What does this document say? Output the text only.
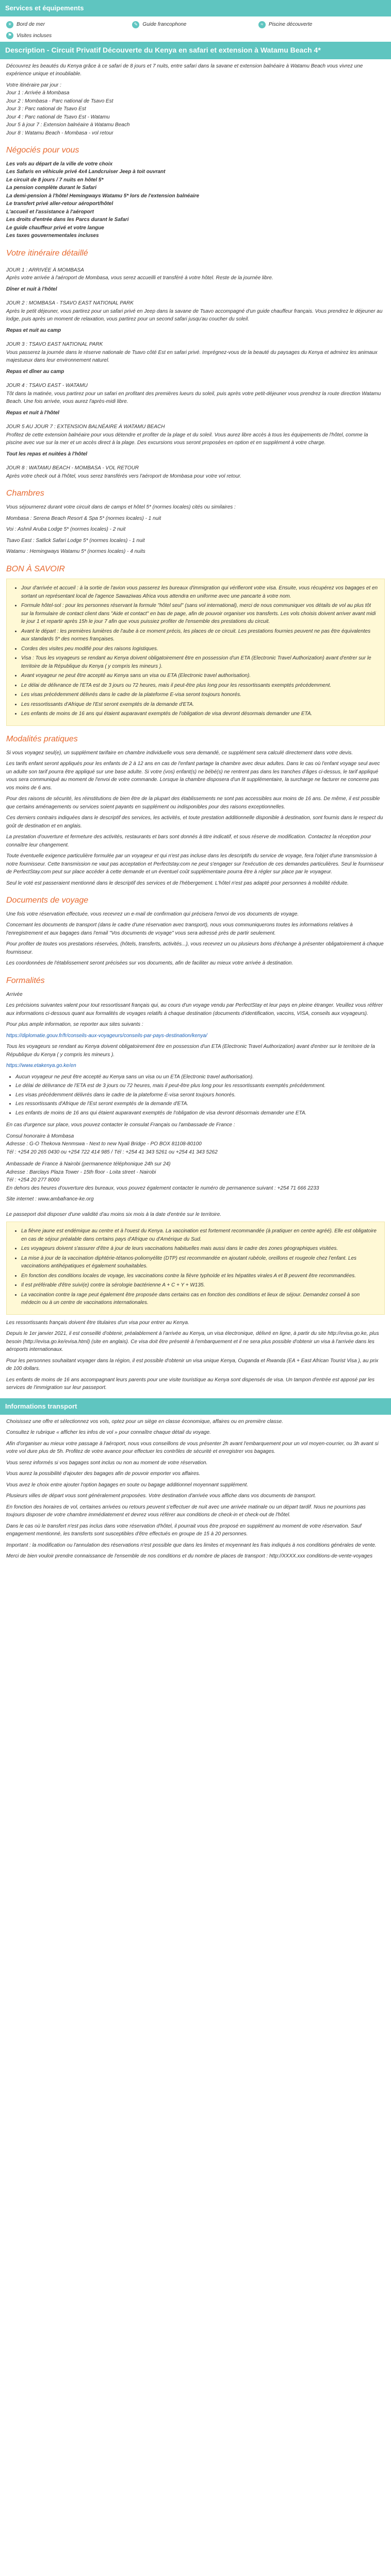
Services et équipements
☀ Bord de mer	✎ Guide francophone	≈	Piscine découverte
⚑ Visites incluses
Description - Circuit Privatif Découverte du Kenya en safari et extension à Watamu Beach 4*

Découvrez les beautés du Kenya grâce à ce safari de 8 jours et 7 nuits, entre safari dans la savane et extension balnéaire à Watamu Beach vous vivrez une expérience unique et inoubliable.

Votre itinéraire par jour :
Jour 1 : Arrivée à Mombasa
Jour 2 : Mombasa - Parc national de Tsavo Est
Jour 3 : Parc national de Tsavo Est
Jour 4 : Parc national de Tsavo Est - Watamu
Jour 5 à jour 7 : Extension balnéaire à Watamu Beach
Jour 8 : Watamu Beach - Mombasa - vol retour
Négociés pour vous
Les vols au départ de la ville de votre choix
Les Safaris en véhicule privé 4x4 Landcruiser Jeep à toit ouvrant
Le circuit de 8 jours / 7 nuits en hôtel 5*
La pension complète durant le Safari
La demi-pension à l'hôtel Hemingways Watamu 5* lors de l'extension balnéaire
Le transfert privé aller-retour aéroport/hôtel
L'accueil et l'assistance à l'aéroport
Les droits d'entrée dans les Parcs durant le Safari
Le guide chauffeur privé et votre langue
Les taxes gouvernementales incluses
Votre itinéraire détaillé
JOUR 1 : ARRIVÉE À MOMBASA

Après votre arrivée à l'aéroport de Mombasa, vous serez accueilli et transféré à votre hôtel. Reste de la journée libre.

Dîner et nuit à l'hôtel

JOUR 2 : MOMBASA - TSAVO EAST NATIONAL PARK

Après le petit déjeuner, vous partirez pour un safari privé en Jeep dans la savane de Tsavo accompagné d'un guide chauffeur français. Vous prendrez le déjeuner au lodge, puis après un moment de relaxation, vous partirez pour un second safari jusqu'au coucher du soleil.

Repas et nuit au camp

JOUR 3 : TSAVO EAST NATIONAL PARK

Vous passerez la journée dans le réserve nationale de Tsavo côté Est en safari privé. Imprégnez-vous de la beauté du paysages du Kenya et admirez les animaux majestueux dans leur environnement naturel.

Repas et dîner au camp

JOUR 4 : TSAVO EAST - WATAMU

Tôt dans la matinée, vous partirez pour un safari en profitant des premières lueurs du soleil, puis après votre petit-déjeuner vous prendrez la route direction Watamu Beach. Une fois arrivée, vous aurez l'après-midi libre.

Repas et nuit à l'hôtel

JOUR 5 AU JOUR 7 : EXTENSION BALNÉAIRE À WATAMU BEACH

Profitez de cette extension balnéaire pour vous détendre et profiter de la plage et du soleil. Vous aurez libre accès à tous les équipements de l'hôtel, comme la piscine avec vue sur la mer et un accès direct à la plage. Des excursions vous seront proposées en option et en supplément à votre charge.

Tout les repas et nuitées à l'hôtel

JOUR 8 : WATAMU BEACH - MOMBASA - VOL RETOUR

Après votre check out à l'hôtel, vous serez transférés vers l'aéroport de Mombasa pour votre vol retour.

Chambres

Vous séjournerez durant votre circuit dans de camps et hôtel 5* (normes locales) cités ou similaires :

Mombasa : Serena Beach Resort & Spa 5* (normes locales) - 1 nuit

Voi : Ashnil Aruba Lodge 5* (normes locales) - 2 nuit

Tsavo East : Satlick Safari Lodge 5* (normes locales) - 1 nuit

Watamu : Hemingways Watamu 5* (normes locales) - 4 nuits

BON À SAVOIR
• Jour d'arrivée et accueil : à la sortie de l'avion vous passerez les bureaux d'immigration qui vérifieront votre visa. Ensuite, vous récupérez vos bagages et en sortant un représentant local de l'agence Sawaziwas Africa vous attendra en uniforme avec une pancarte à votre nom.
• Formule hôtel-sol : pour les personnes réservant la formule "hôtel seul" (sans vol international), merci de nous communiquer vos détails de vol au plus tôt sur la formulaire de contact client dans "Aide et contact" en bas de page, afin de pouvoir organiser vos transferts. Les vols choisis doivent arriver avant midi le jour 1 et repartir après 15h le jour 7 afin que vous puissiez profiter de l'ensemble des prestations du circuit.
• Avant le départ : les premières lumières de l'aube à ce moment précis, les places de ce circuit. Les prestations fournies peuvent ne pas être équivalentes aux standards 5* des normes françaises.
• Cordes des visites peu modifié pour des raisons logistiques.
• Visa : Tous les voyageurs se rendant au Kenya doivent obligatoirement être en possession d'un ETA (Electronic Travel Authorization) avant d'entrer sur le territoire de la République du Kenya ( y compris les mineurs ).
• Avant voyageur ne peut être accepté au Kenya sans un visa ou ETA (Electronic travel authorisation).
• Le délai de délivrance de l'ETA est de 3 jours ou 72 heures, mais il peut-être plus long pour les ressortissants exemptés précédemment.
• Les visas précédemment délivrés dans le cadre de la plateforme E-visa seront toujours honorés.
• Les ressortissants d'Afrique de l'Est seront exemptés de la demande d'ETA.
• Les enfants de moins de 16 ans qui étaient auparavant exemptés de l'obligation de visa devront désormais demander une ETA.
Modalités pratiques

Si vous voyagez seul(e), un supplément tarifaire en chambre individuelle vous sera demandé, ce supplément sera calculé directement dans votre devis.

Les tarifs enfant seront appliqués pour les enfants de 2 à 12 ans en cas de l'enfant partage la chambre avec deux adultes. Dans le cas où l'enfant voyage seul avec un adulte son tarif pourra être appliqué sur une base adulte. Si votre (vos) enfant(s) ne bébé(s) ne rentrent pas dans les tranches d'âges ci-dessus, le tarif appliqué vous sera communiqué au moment de l'envoi de votre commande. Lorsque la chambre disposera d'un lit supplémentaire, la surcharge ne facturer ne concerne pas vos moins de 6 ans.

Pour des raisons de sécurité, les réinstitutions de bien être de la plupart des établissements ne sont pas accessibles aux moins de 16 ans. De même, il est possible que certains aménagements ou services soient payants en supplément ou indisponibles pour des raisons exceptionnelles.

Ces derniers contrairs indiquées dans le descriptif des services, les activités, et toute prestation additionnelle disponible à destination, sont fournis dans le respect du goût de destination et en anglais.

La prestation d'ouverture et fermeture des activités, restaurants et bars sont donnés à titre indicatif, et sous réserve de modification. Contactez la réception pour connaître leur changement.

Toute éventuelle exigence particulière formulée par un voyageur et qui n'est pas incluse dans les descriptifs du service de voyage, fera l'objet d'une transmission à notre fournisseur. Cette transmission ne vaut pas acceptation et Perfectstay.com ne peut s'engager sur l'exécution de ces demandes particulières. Seul le fournisseur de PerfectStay.com peut sur place accéder à cette demande et un éventuel coût supplémentaire pourra être à régler sur place par le voyageur.

Seul le voté est passeraient mentionné dans le descriptif des services et de l'hébergement. L'hôtel n'est pas adapté pour personnes à mobilité réduite.

Documents de voyage

Une fois votre réservation effectuée, vous recevrez un e-mail de confirmation qui précisera l'envoi de vos documents de voyage.

Concernant les documents de transport (dans le cadre d'une réservation avec transport), nous vous communiquerons toutes les informations relatives à l'enregistrement et aux bagages dans l'email "Vos documents de voyage" vous sera adressé près de partir seulement.

Pour profiter de toutes vos prestations réservées, (hôtels, transferts, activités...), vous recevrez un ou plusieurs bons d'échange à présenter obligatoirement à chaque fournisseur.

Les coordonnées de l'établissement seront précisées sur vos documents, afin de faciliter au mieux votre arrivée à destination.

Formalités

Arrivée

Les précisions suivantes valent pour tout ressortissant français qui, au cours d'un voyage vendu par PerfectStay et leur pays en pleine étranger. Veuillez vous référer aux informations ci-dessous quant aux formalités de voyages relatifs à chaque destination (documents d'identification, vaccins, VISA, conseils aux voyageurs).

Pour plus ample information, se reporter aux sites suivants :

https://diplomatie.gouv.fr/fr/conseils-aux-voyageurs/conseils-par-pays-destination/kenya/

Tous les voyageurs se rendant au Kenya doivent obligatoirement être en possession d'un ETA (Electronic Travel Authorization) avant d'entrer sur le territoire de la République du Kenya ( y compris les mineurs ).

https://www.etakenya.go.ke/en

• Aucun voyageur ne peut être accepté au Kenya sans un visa ou un ETA (Electronic travel authorisation).
• Le délai de délivrance de l'ETA est de 3 jours ou 72 heures, mais il peut-être plus long pour les ressortissants exemptés précédemment.
• Les visas précédemment délivrés dans le cadre de la plateforme E-visa seront toujours honorés.
• Les ressortissants d'Afrique de l'Est seront exemptés de la demande d'ETA.
• Les enfants de moins de 16 ans qui étaient auparavant exemptés de l'obligation de visa devront désormais demander une ETA.

En cas d'urgence sur place, vous pouvez contacter le consulat Français ou l'ambassade de France :

Consul honoraire à Mombasa
Adresse : G-O Thekova Nenmswa - Next to new Nyali Bridge - PO BOX 81108-80100
Tél : +254 20 265 0430 ou +254 722 414 985 / Tél : +254 41 343 5261 ou +254 41 343 5262
Ambassade de France à Nairobi (permanence téléphonique 24h sur 24)
Adresse : Barclays Plaza Tower - 15th floor - Loita street - Nairobi
Tél : +254 20 277 8000

En dehors des heures d'ouverture des bureaux, vous pouvez également contacter le numéro de permanence suivant : +254 71 666 2233

Site internet : www.ambafrance-ke.org

Le passeport doit disposer d'une validité d'au moins six mois à la date d'entrée sur le territoire.

• La fièvre jaune est endémique au centre et à l'ouest du Kenya. La vaccination est fortement recommandée (à pratiquer en centre agréé). Elle est obligatoire en cas de séjour préalable dans certains pays d'Afrique ou d'Amérique du Sud.
• Les voyageurs doivent s'assurer d'être à jour de leurs vaccinations habituelles mais aussi dans le cadre des zones géographiques visitées.
• La mise à jour de la vaccination diphtérie-tétanos-poliomyélite (DTP) est recommandée en ajoutant rubéole, oreillons et rougeole chez l'enfant. Les vaccinations antihépatiques et également souhaitables.
• En fonction des conditions locales de voyage, les vaccinations contre la fièvre typhoïde et les hépatites virales A et B peuvent être recommandées.
• Il est préférable d'être suivi(e) contre la sérologie bactérienne A + C + Y + W135.
• La vaccination contre la rage peut également être proposée dans certains cas en fonction des conditions et lieux de séjour. Demandez conseil à son médecin ou à un centre de vaccinations internationales.

Les ressortissants français doivent être titulaires d'un visa pour entrer au Kenya.

Depuis le 1er janvier 2021, il est conseillé d'obtenir, préalablement à l'arrivée au Kenya, un visa électronique, délivré en ligne, à partir du site http://evisa.go.ke, plus besoin (http://evisa.go.ke/evisa.html) (site en anglais). Ce visa doit être présenté à l'embarquement et il ne sera plus possible d'obtenir un visa à l'arrivée dans les aéroports internationaux.

Pour les personnes souhaitant voyager dans la région, il est possible d'obtenir un visa unique Kenya, Ouganda et Rwanda (EA + East African Tourist Visa ), au prix de 100 dollars.

Les enfants de moins de 16 ans accompagnant leurs parents pour une visite touristique au Kenya sont dispensés de visa. Un tampon d'entrée est apposé par les services de l'immigration sur leur passeport.

Informations transport

Choisissez une offre et sélectionnez vos vols, optez pour un siège en classe économique, affaires ou en première classe.

Consultez le rubrique « afficher les infos de vol » pour connaître chaque détail du voyage.

Afin d'organiser au mieux votre passage à l'aéroport, nous vous conseillons de vous présenter 2h avant l'embarquement pour un vol moyen-courrier, ou 3h avant si votre vol dure plus de 5h. Profitez de votre avance pour effectuer les contrôles de sécurité et enregistrer vos bagages.

Vous serez informés si vos bagages sont inclus ou non au moment de votre réservation.

Vous aurez la possibilité d'ajouter des bagages afin de pouvoir emporter vos affaires.

Vous avez le choix entre ajouter l'option bagages en soute ou bagage additionnel moyennant supplément.

Plusieurs villes de départ vous sont généralement proposées. Votre destination d'arrivée vous affiche dans vos documents de transport.

En fonction des horaires de vol, certaines arrivées ou retours peuvent s'effectuer de nuit avec une arrivée matinale ou un départ tardif. Nous ne pourrions pas toujours disposer de votre chambre immédiatement et devrez vous référer aux conditions de check-in et check-out de l'hôtel.

Dans le cas où le transfert n'est pas inclus dans votre réservation d'hôtel, il pourrait vous être proposé en supplément au moment de votre réservation. Sauf engagement mentionné, les transferts sont susceptibles d'être effectués en groupe de 15 à 20 personnes.

Important : la modification ou l'annulation des réservations n'est possible que dans les limites et moyennant les frais indiqués à nos conditions générales de vente.

Merci de bien vouloir prendre connaissance de l'ensemble de nos conditions et du nombre de places de transport : http://XXXX.xxx conditions-de-vente-voyages
